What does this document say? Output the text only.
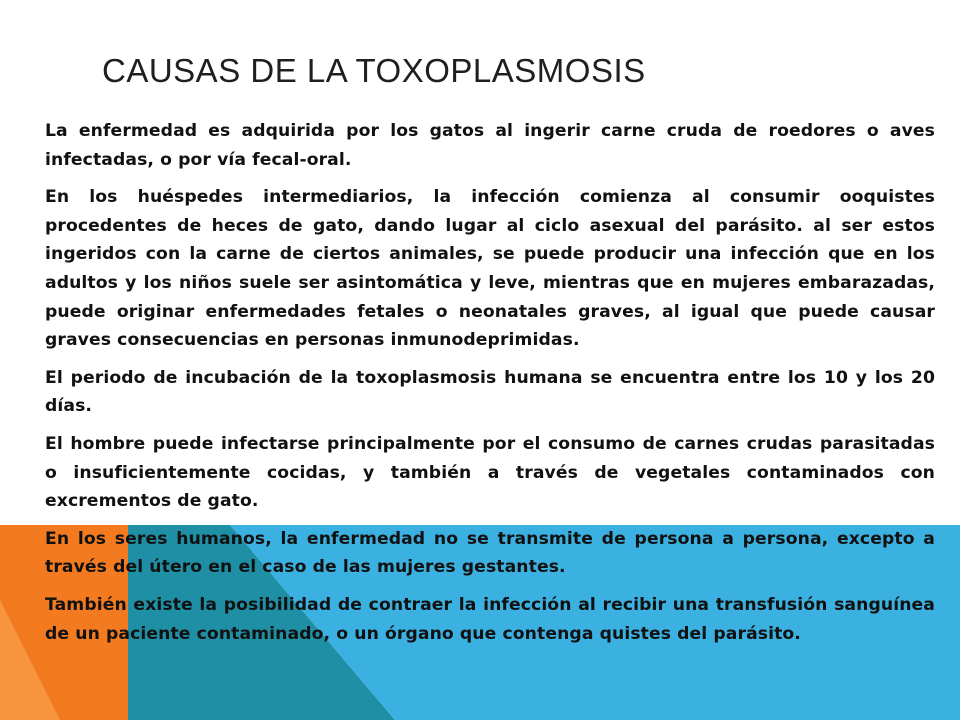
CAUSAS DE LA TOXOPLASMOSIS

La enfermedad es adquirida por los gatos al ingerir carne cruda de roedores o aves infectadas, o por vía fecal-oral.

En los huéspedes intermediarios, la infección comienza al consumir ooquistes procedentes de heces de gato, dando lugar al ciclo asexual del parásito. al ser estos ingeridos con la carne de ciertos animales, se puede producir una infección que en los adultos y los niños suele ser asintomática y leve, mientras que en mujeres embarazadas, puede originar enfermedades fetales o neonatales graves, al igual que puede causar graves consecuencias en personas inmunodeprimidas.

El periodo de incubación de la toxoplasmosis humana se encuentra entre los 10 y los 20 días.

El hombre puede infectarse principalmente por el consumo de carnes crudas parasitadas o insuficientemente cocidas, y también a través de vegetales contaminados con excrementos de gato.

En los seres humanos, la enfermedad no se transmite de persona a persona, excepto a través del útero en el caso de las mujeres gestantes.

También existe la posibilidad de contraer la infección al recibir una transfusión sanguínea de un paciente contaminado, o un órgano que contenga quistes del parásito.
